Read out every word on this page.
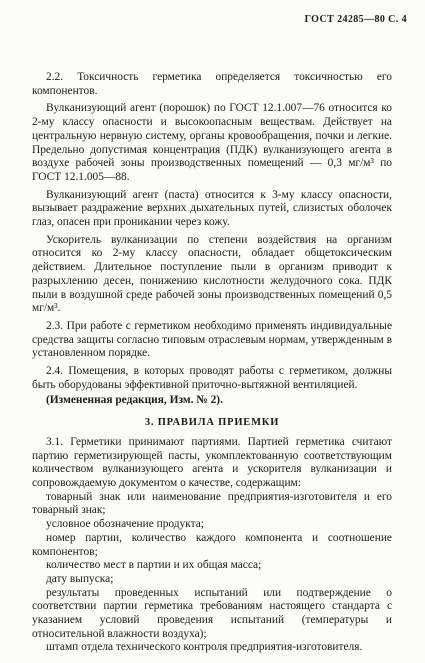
ГОСТ 24285—80 С. 4

2.2. Токсичность герметика определяется токсичностью его компонентов.

Вулканизующий агент (порошок) по ГОСТ 12.1.007—76 относится ко 2-му классу опасности и высокоопасным веществам. Действует на центральную нервную систему, органы кровообращения, почки и легкие. Предельно допустимая концентрация (ПДК) вулканизующего агента в воздухе рабочей зоны производственных помещений — 0,3 мг/м³ по ГОСТ 12.1.005—88.

Вулканизующий агент (паста) относится к 3-му классу опасности, вызывает раздражение верхних дыхательных путей, слизистых оболочек глаз, опасен при проникании через кожу.

Ускоритель вулканизации по степени воздействия на организм относится ко 2-му классу опасности, обладает общетоксическим действием. Длительное поступление пыли в организм приводит к разрыхлению десен, понижению кислотности желудочного сока. ПДК пыли в воздушной среде рабочей зоны производственных помещений 0,5 мг/м³.

2.3. При работе с герметиком необходимо применять индивидуальные средства защиты согласно типовым отраслевым нормам, утвержденным в установленном порядке.

2.4. Помещения, в которых проводят работы с герметиком, должны быть оборудованы эффективной приточно-вытяжной вентиляцией.

(Измененная редакция, Изм. № 2).

3. ПРАВИЛА ПРИЕМКИ

3.1. Герметики принимают партиями. Партией герметика считают партию герметизирующей пасты, укомплектованную соответствующим количеством вулканизующего агента и ускорителя вулканизации и сопровождаемую документом о качестве, содержащим:

товарный знак или наименование предприятия-изготовителя и его товарный знак;

условное обозначение продукта;

номер партии, количество каждого компонента и соотношение компонентов;

количество мест в партии и их общая масса;

дату выпуска;

результаты проведенных испытаний или подтверждение о соответствии партии герметика требованиям настоящего стандарта с указанием условий проведения испытаний (температуры и относительной влажности воздуха);

штамп отдела технического контроля предприятия-изготовителя.
